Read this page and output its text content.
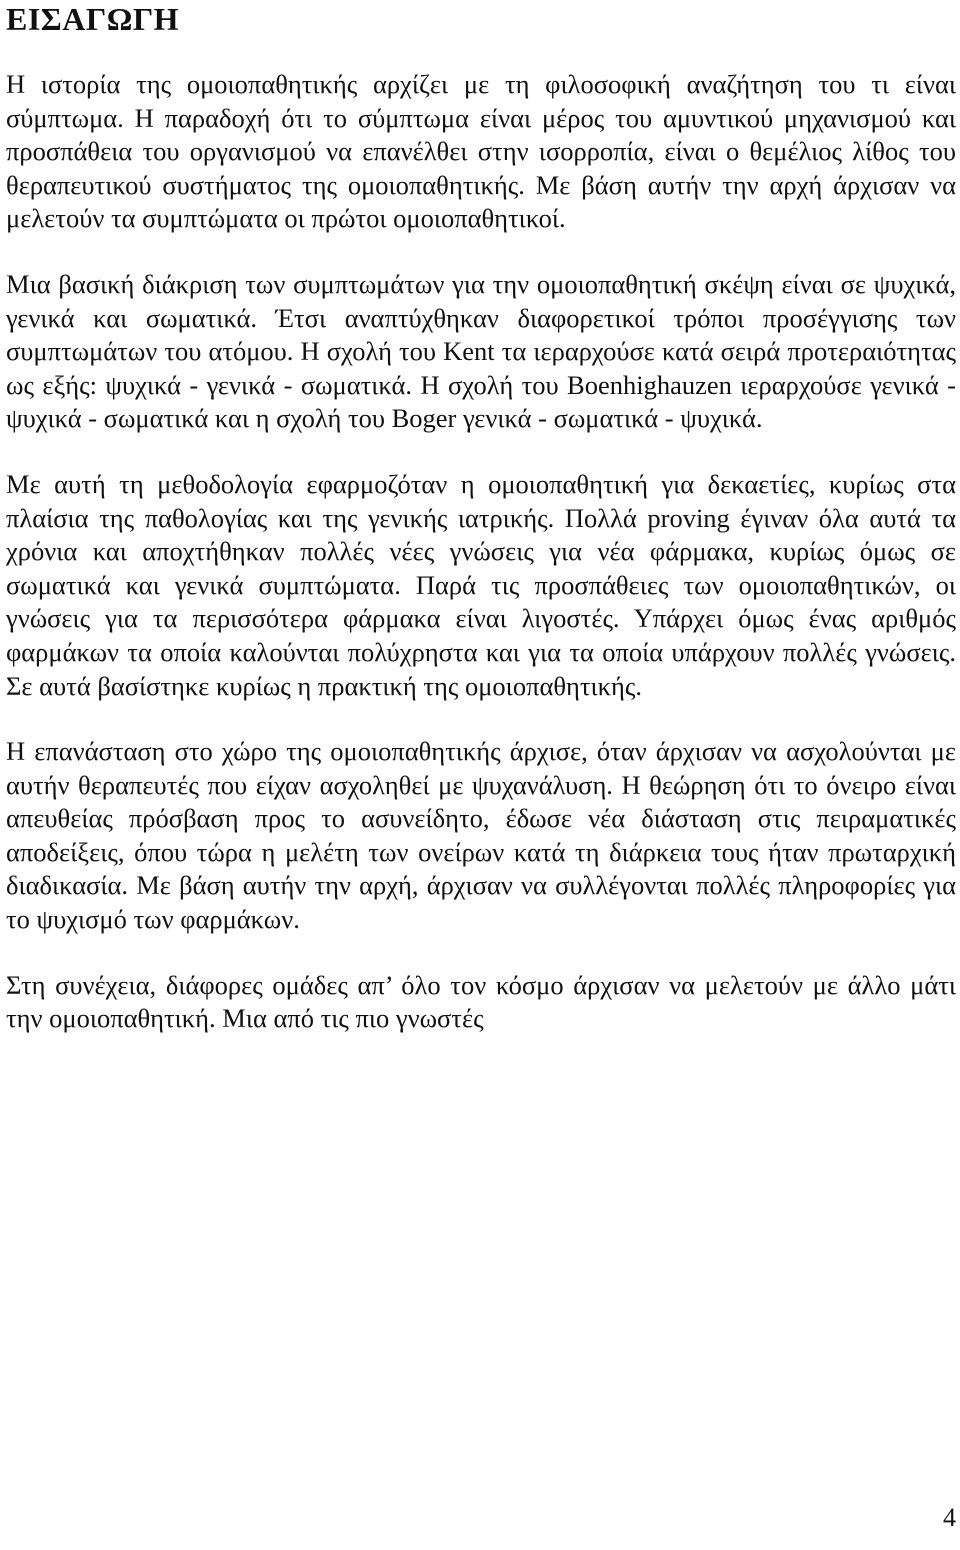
ΕΙΣΑΓΩΓΗ

Η ιστορία της ομοιοπαθητικής αρχίζει με τη φιλοσοφική αναζήτηση του τι είναι σύμπτωμα. Η παραδοχή ότι το σύμπτωμα είναι μέρος του αμυντικού μηχανισμού και προσπάθεια του οργανισμού να επανέλθει στην ισορροπία, είναι ο θεμέλιος λίθος του θεραπευτικού συστήματος της ομοιοπαθητικής. Με βάση αυτήν την αρχή άρχισαν να μελετούν τα συμπτώματα οι πρώτοι ομοιοπαθητικοί.

Μια βασική διάκριση των συμπτωμάτων για την ομοιοπαθητική σκέψη είναι σε ψυχικά, γενικά και σωματικά. Έτσι αναπτύχθηκαν διαφορετικοί τρόποι προσέγγισης των συμπτωμάτων του ατόμου. Η σχολή του Kent τα ιεραρχούσε κατά σειρά προτεραιότητας ως εξής: ψυχικά - γενικά - σωματικά. Η σχολή του Boenhighauzen ιεραρχούσε γενικά - ψυχικά - σωματικά και η σχολή του Boger γενικά - σωματικά - ψυχικά.

Με αυτή τη μεθοδολογία εφαρμοζόταν η ομοιοπαθητική για δεκαετίες, κυρίως στα πλαίσια της παθολογίας και της γενικής ιατρικής. Πολλά proving έγιναν όλα αυτά τα χρόνια και αποχτήθηκαν πολλές νέες γνώσεις για νέα φάρμακα, κυρίως όμως σε σωματικά και γενικά συμπτώματα. Παρά τις προσπάθειες των ομοιοπαθητικών, οι γνώσεις για τα περισσότερα φάρμακα είναι λιγοστές. Υπάρχει όμως ένας αριθμός φαρμάκων τα οποία καλούνται πολύχρηστα και για τα οποία υπάρχουν πολλές γνώσεις. Σε αυτά βασίστηκε κυρίως η πρακτική της ομοιοπαθητικής.

Η επανάσταση στο χώρο της ομοιοπαθητικής άρχισε, όταν άρχισαν να ασχολούνται με αυτήν θεραπευτές που είχαν ασχοληθεί με ψυχανάλυση. Η θεώρηση ότι το όνειρο είναι απευθείας πρόσβαση προς το ασυνείδητο, έδωσε νέα διάσταση στις πειραματικές αποδείξεις, όπου τώρα η μελέτη των ονείρων κατά τη διάρκεια τους ήταν πρωταρχική διαδικασία. Με βάση αυτήν την αρχή, άρχισαν να συλλέγονται πολλές πληροφορίες για το ψυχισμό των φαρμάκων.

Στη συνέχεια, διάφορες ομάδες απ’ όλο τον κόσμο άρχισαν να μελετούν με άλλο μάτι την ομοιοπαθητική. Μια από τις πιο γνωστές

4
